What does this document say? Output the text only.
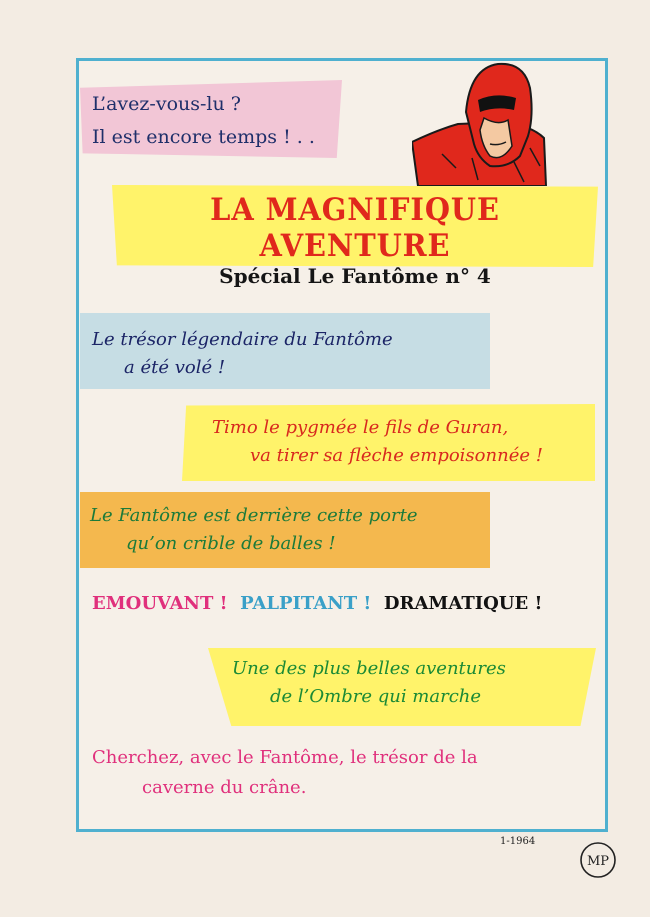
L’avez-vous-lu ?
Il est encore temps ! . .
LA MAGNIFIQUE AVENTURE
Spécial Le Fantôme n° 4
Le trésor légendaire du Fantôme
a été volé !
Timo le pygmée le fils de Guran,
va tirer sa flèche empoisonnée !
Le Fantôme est derrière cette porte
qu’on crible de balles !
EMOUVANT ! PALPITANT ! DRAMATIQUE !
Une des plus belles aventures
de l’Ombre qui marche
Cherchez, avec le Fantôme, le trésor de la
caverne du crâne.
1-1964
MP
